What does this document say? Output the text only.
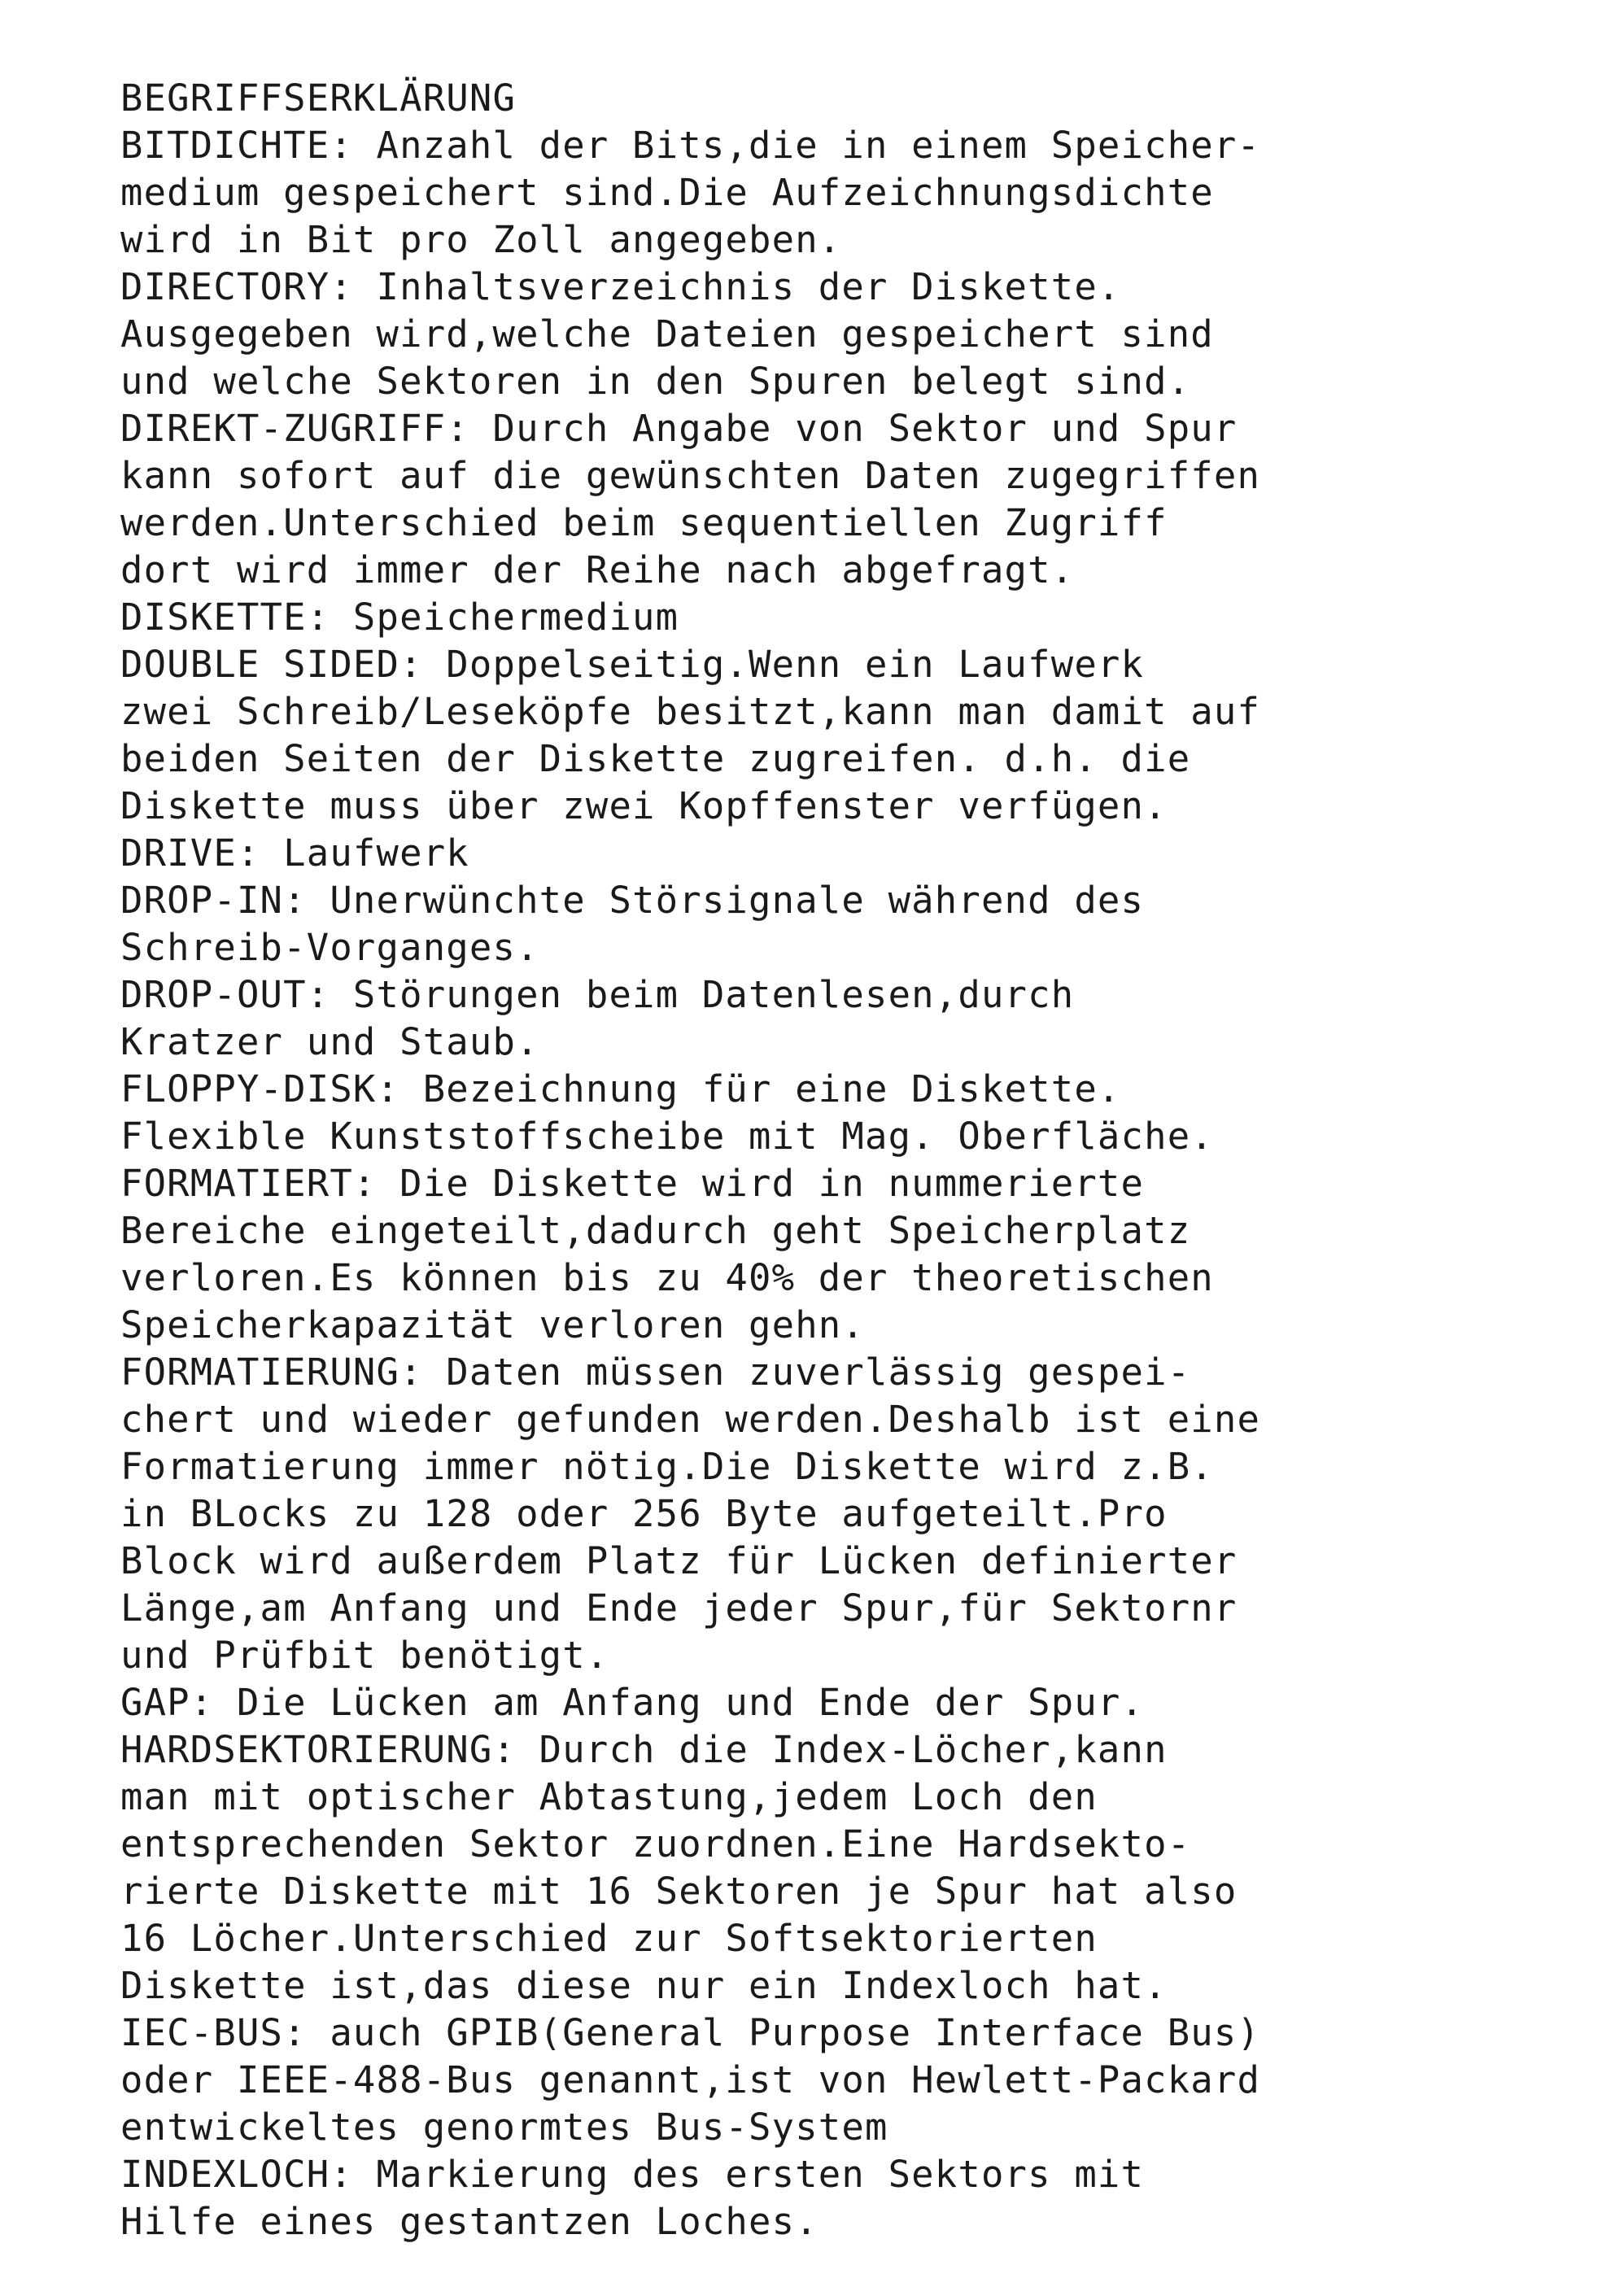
BEGRIFFSERKLÄRUNG
BITDICHTE: Anzahl der Bits,die in einem Speicher-
medium gespeichert sind.Die Aufzeichnungsdichte
wird in Bit pro Zoll angegeben.
DIRECTORY: Inhaltsverzeichnis der Diskette.
Ausgegeben wird,welche Dateien gespeichert sind
und welche Sektoren in den Spuren belegt sind.
DIREKT-ZUGRIFF: Durch Angabe von Sektor und Spur
kann sofort auf die gewünschten Daten zugegriffen
werden.Unterschied beim sequentiellen Zugriff
dort wird immer der Reihe nach abgefragt.
DISKETTE: Speichermedium
DOUBLE SIDED: Doppelseitig.Wenn ein Laufwerk
zwei Schreib/Leseköpfe besitzt,kann man damit auf
beiden Seiten der Diskette zugreifen. d.h. die
Diskette muss über zwei Kopffenster verfügen.
DRIVE: Laufwerk
DROP-IN: Unerwünchte Störsignale während des
Schreib-Vorganges.
DROP-OUT: Störungen beim Datenlesen,durch
Kratzer und Staub.
FLOPPY-DISK: Bezeichnung für eine Diskette.
Flexible Kunststoffscheibe mit Mag. Oberfläche.
FORMATIERT: Die Diskette wird in nummerierte
Bereiche eingeteilt,dadurch geht Speicherplatz
verloren.Es können bis zu 40% der theoretischen
Speicherkapazität verloren gehn.
FORMATIERUNG: Daten müssen zuverlässig gespei-
chert und wieder gefunden werden.Deshalb ist eine
Formatierung immer nötig.Die Diskette wird z.B.
in BLocks zu 128 oder 256 Byte aufgeteilt.Pro
Block wird außerdem Platz für Lücken definierter
Länge,am Anfang und Ende jeder Spur,für Sektornr
und Prüfbit benötigt.
GAP: Die Lücken am Anfang und Ende der Spur.
HARDSEKTORIERUNG: Durch die Index-Löcher,kann
man mit optischer Abtastung,jedem Loch den
entsprechenden Sektor zuordnen.Eine Hardsekto-
rierte Diskette mit 16 Sektoren je Spur hat also
16 Löcher.Unterschied zur Softsektorierten
Diskette ist,das diese nur ein Indexloch hat.
IEC-BUS: auch GPIB(General Purpose Interface Bus)
oder IEEE-488-Bus genannt,ist von Hewlett-Packard
entwickeltes genormtes Bus-System
INDEXLOCH: Markierung des ersten Sektors mit
Hilfe eines gestantzen Loches.
